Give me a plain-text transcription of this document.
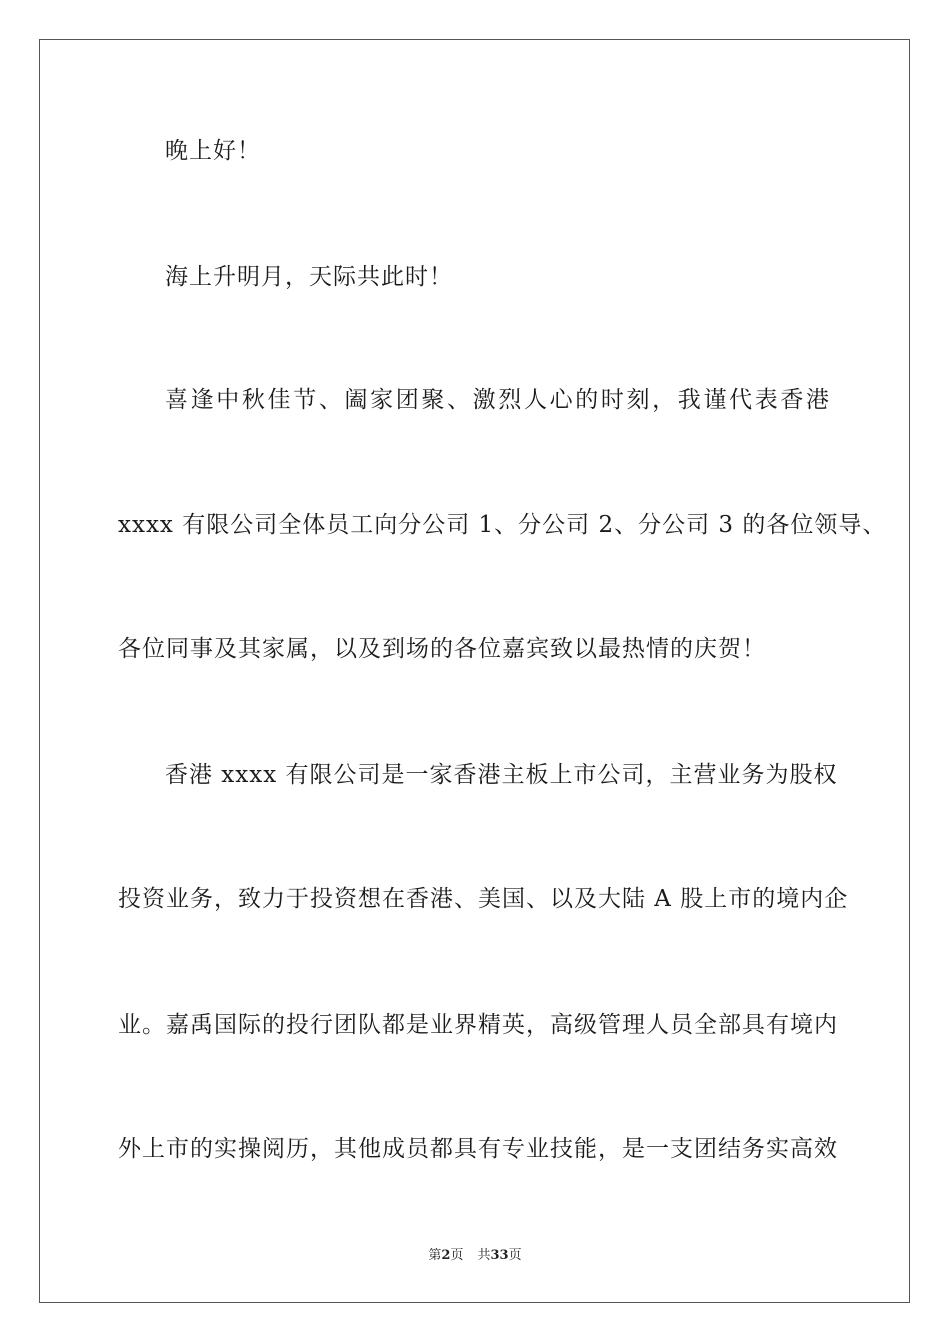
晚上好！
海上升明月，天际共此时！
喜逢中秋佳节、阖家团聚、激烈人心的时刻，我谨代表香港
xxxx 有限公司全体员工向分公司 1、分公司 2、分公司 3 的各位领导、
各位同事及其家属，以及到场的各位嘉宾致以最热情的庆贺！
香港 xxxx 有限公司是一家香港主板上市公司，主营业务为股权
投资业务，致力于投资想在香港、美国、以及大陆 A 股上市的境内企
业。嘉禹国际的投行团队都是业界精英，高级管理人员全部具有境内
外上市的实操阅历，其他成员都具有专业技能，是一支团结务实高效
第2页 共33页
